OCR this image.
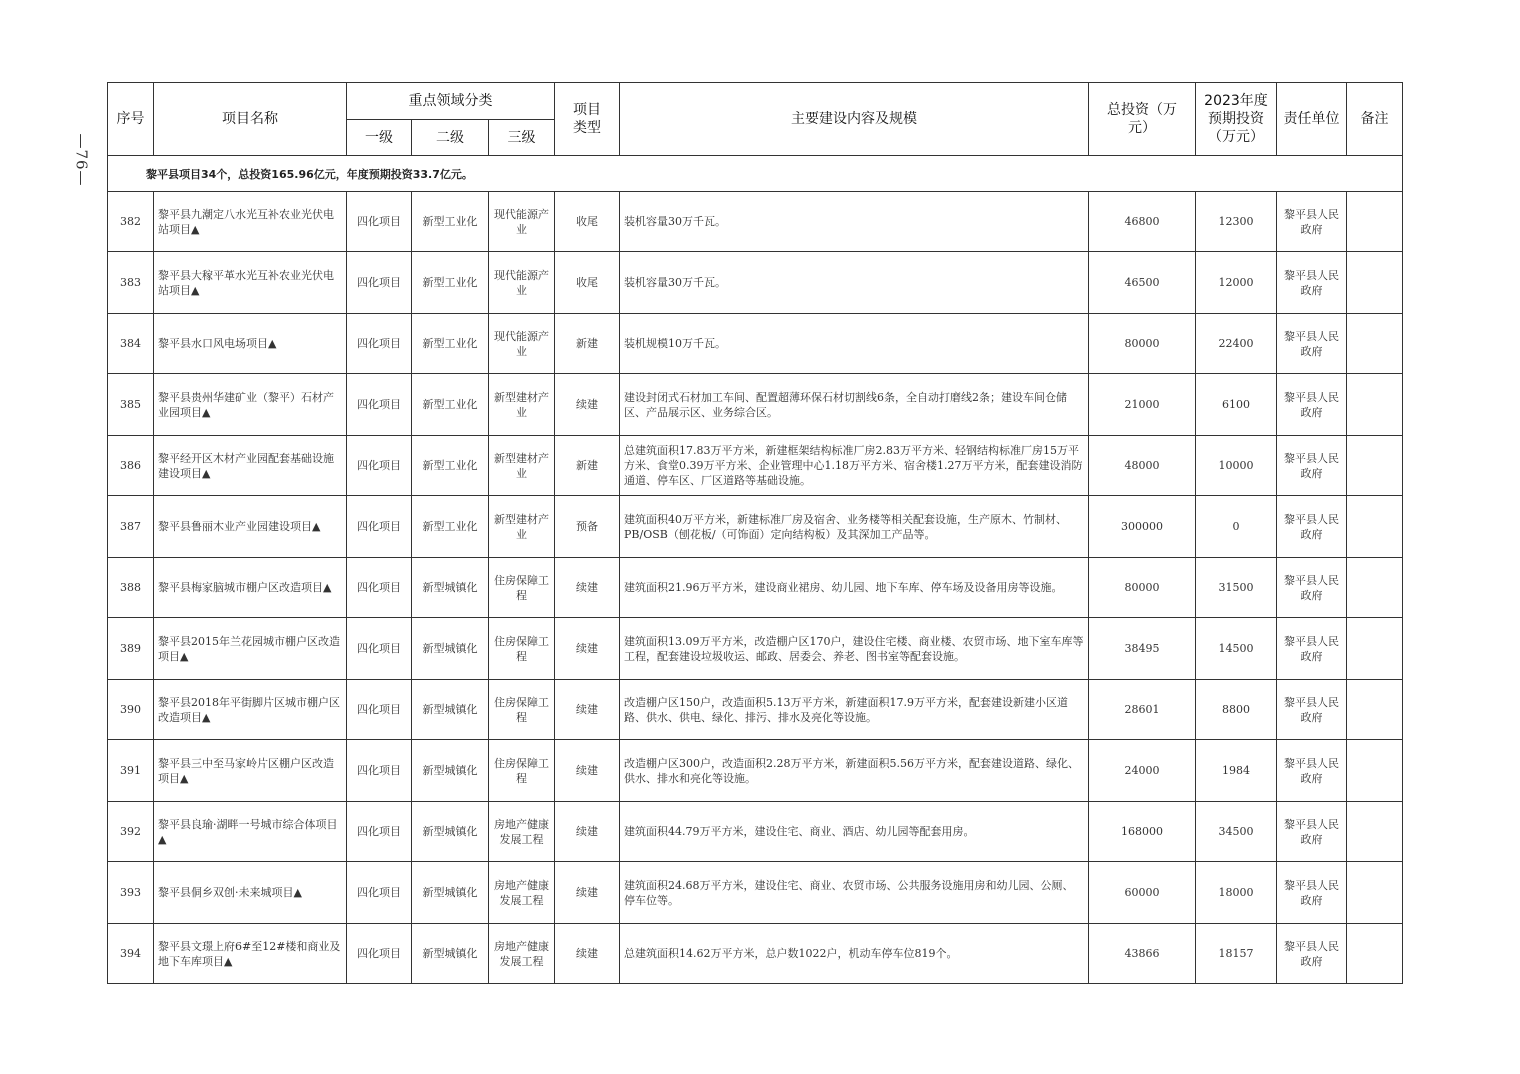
—76—
序号	项目名称	重点领域分类			项目类型	主要建设内容及规模	总投资（万元）	2023年度预期投资（万元）	责任单位	备注
		一级	二级	三级						
黎平县项目34个，总投资165.96亿元，年度预期投资33.7亿元。										
382	黎平县九潮定八水光互补农业光伏电站项目▲	四化项目	新型工业化	现代能源产业	收尾	装机容量30万千瓦。	46800	12300	黎平县人民政府	
383	黎平县大稼平革水光互补农业光伏电站项目▲	四化项目	新型工业化	现代能源产业	收尾	装机容量30万千瓦。	46500	12000	黎平县人民政府	
384	黎平县水口风电场项目▲	四化项目	新型工业化	现代能源产业	新建	装机规模10万千瓦。	80000	22400	黎平县人民政府	
385	黎平县贵州华建矿业（黎平）石材产业园项目▲	四化项目	新型工业化	新型建材产业	续建	建设封闭式石材加工车间、配置超薄环保石材切割线6条，全自动打磨线2条；建设车间仓储区、产品展示区、业务综合区。	21000	6100	黎平县人民政府	
386	黎平经开区木材产业园配套基础设施建设项目▲	四化项目	新型工业化	新型建材产业	新建	总建筑面积17.83万平方米，新建框架结构标准厂房2.83万平方米、轻钢结构标准厂房15万平方米、食堂0.39万平方米、企业管理中心1.18万平方米、宿舍楼1.27万平方米，配套建设消防通道、停车区、厂区道路等基础设施。	48000	10000	黎平县人民政府	
387	黎平县鲁丽木业产业园建设项目▲	四化项目	新型工业化	新型建材产业	预备	建筑面积40万平方米，新建标准厂房及宿舍、业务楼等相关配套设施，生产原木、竹制材、PB/OSB（刨花板/（可饰面）定向结构板）及其深加工产品等。	300000	0	黎平县人民政府	
388	黎平县梅家脑城市棚户区改造项目▲	四化项目	新型城镇化	住房保障工程	续建	建筑面积21.96万平方米，建设商业裙房、幼儿园、地下车库、停车场及设备用房等设施。	80000	31500	黎平县人民政府	
389	黎平县2015年兰花园城市棚户区改造项目▲	四化项目	新型城镇化	住房保障工程	续建	建筑面积13.09万平方米，改造棚户区170户，建设住宅楼、商业楼、农贸市场、地下室车库等工程，配套建设垃圾收运、邮政、居委会、养老、图书室等配套设施。	38495	14500	黎平县人民政府	
390	黎平县2018年平街脚片区城市棚户区改造项目▲	四化项目	新型城镇化	住房保障工程	续建	改造棚户区150户，改造面积5.13万平方米，新建面积17.9万平方米，配套建设新建小区道路、供水、供电、绿化、排污、排水及亮化等设施。	28601	8800	黎平县人民政府	
391	黎平县三中至马家岭片区棚户区改造项目▲	四化项目	新型城镇化	住房保障工程	续建	改造棚户区300户，改造面积2.28万平方米，新建面积5.56万平方米，配套建设道路、绿化、供水、排水和亮化等设施。	24000	1984	黎平县人民政府	
392	黎平县良瑜·湖畔一号城市综合体项目▲	四化项目	新型城镇化	房地产健康发展工程	续建	建筑面积44.79万平方米，建设住宅、商业、酒店、幼儿园等配套用房。	168000	34500	黎平县人民政府	
393	黎平县侗乡双创·未来城项目▲	四化项目	新型城镇化	房地产健康发展工程	续建	建筑面积24.68万平方米，建设住宅、商业、农贸市场、公共服务设施用房和幼儿园、公厕、停车位等。	60000	18000	黎平县人民政府	
394	黎平县文璟上府6#至12#楼和商业及地下车库项目▲	四化项目	新型城镇化	房地产健康发展工程	续建	总建筑面积14.62万平方米，总户数1022户，机动车停车位819个。	43866	18157	黎平县人民政府	
